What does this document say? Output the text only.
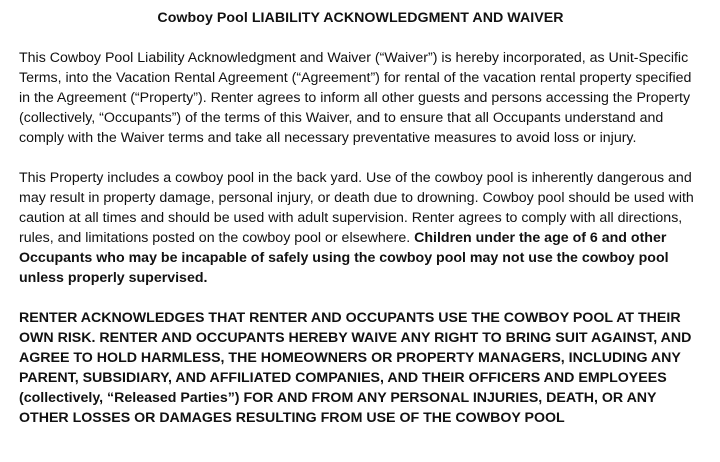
Cowboy Pool LIABILITY ACKNOWLEDGMENT AND WAIVER

This Cowboy Pool Liability Acknowledgment and Waiver (“Waiver”) is hereby incorporated, as Unit-Specific Terms, into the Vacation Rental Agreement (“Agreement”) for rental of the vacation rental property specified in the Agreement (“Property”). Renter agrees to inform all other guests and persons accessing the Property (collectively, “Occupants”) of the terms of this Waiver, and to ensure that all Occupants understand and comply with the Waiver terms and take all necessary preventative measures to avoid loss or injury.

This Property includes a cowboy pool in the back yard. Use of the cowboy pool is inherently dangerous and may result in property damage, personal injury, or death due to drowning. Cowboy pool should be used with caution at all times and should be used with adult supervision. Renter agrees to comply with all directions, rules, and limitations posted on the cowboy pool or elsewhere. Children under the age of 6 and other Occupants who may be incapable of safely using the cowboy pool may not use the cowboy pool unless properly supervised.

RENTER ACKNOWLEDGES THAT RENTER AND OCCUPANTS USE THE COWBOY POOL AT THEIR OWN RISK. RENTER AND OCCUPANTS HEREBY WAIVE ANY RIGHT TO BRING SUIT AGAINST, AND AGREE TO HOLD HARMLESS, THE HOMEOWNERS OR PROPERTY MANAGERS, INCLUDING ANY PARENT, SUBSIDIARY, AND AFFILIATED COMPANIES, AND THEIR OFFICERS AND EMPLOYEES (collectively, “Released Parties”) FOR AND FROM ANY PERSONAL INJURIES, DEATH, OR ANY OTHER LOSSES OR DAMAGES RESULTING FROM USE OF THE COWBOY POOL
